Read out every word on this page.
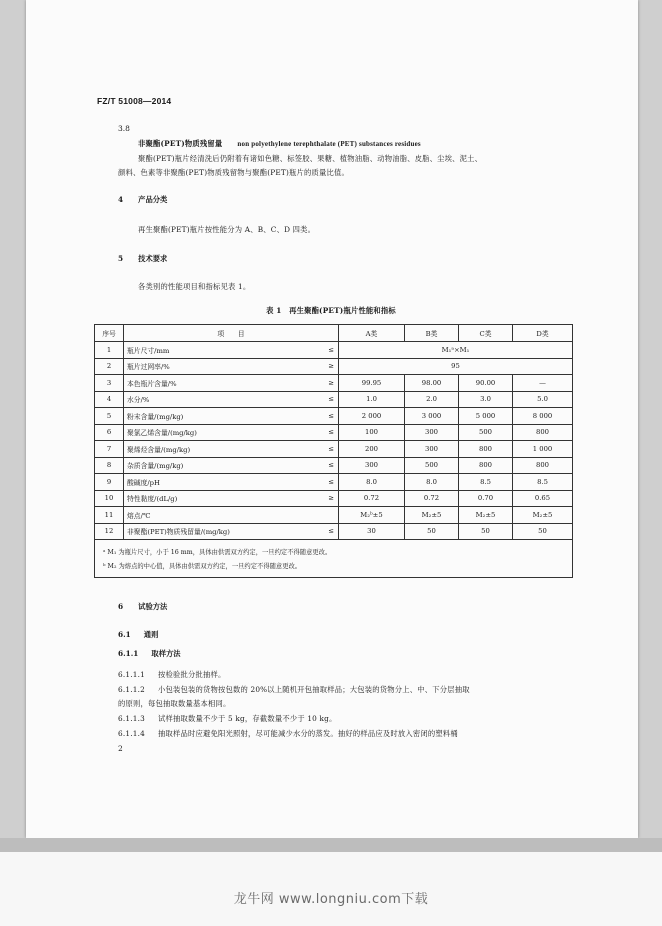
龙牛网 www.longniu.com下载
FZ/T 51008—2014
3.8
非聚酯(PET)物质残留量 non polyethylene terephthalate (PET) substances residues
聚酯(PET)瓶片经清洗后仍附着有诸如色糖、标签胶、果糖、植物油脂、动物油脂、皮脂、尘埃、泥土、
颜料、色素等非聚酯(PET)物质残留物与聚酯(PET)瓶片的质量比值。
4 产品分类
再生聚酯(PET)瓶片按性能分为 A、B、C、D 四类。
5 技术要求
各类别的性能项目和指标见表 1。
表 1　再生聚酯(PET)瓶片性能和指标
序号	项　　目		A类	B类	C类	D类
1	瓶片尺寸/mm	≤	M₁ᵃ×M₁			
2	瓶片过网率/%	≥	95			
3	本色瓶片含量/%	≥	99.95	98.00	90.00	—
4	水分/%	≤	1.0	2.0	3.0	5.0
5	粉末含量/(mg/kg)	≤	2 000	3 000	5 000	8 000
6	聚氯乙烯含量/(mg/kg)	≤	100	300	500	800
7	聚烯烃含量/(mg/kg)	≤	200	300	800	1 000
8	杂质含量/(mg/kg)	≤	300	500	800	800
9	酸碱度/pH	≤	8.0	8.0	8.5	8.5
10	特性黏度/(dL/g)	≥	0.72	0.72	0.70	0.65
11	熔点/℃		M₂ᵇ±5	M₂±5	M₂±5	M₂±5
12	非聚酯(PET)物质残留量/(mg/kg)	≤	30	50	50	50

ᵃ M₁ 为瓶片尺寸，小于 16 mm，具体由供需双方约定，一旦约定不得随意更改。
ᵇ M₂ 为熔点的中心值，具体由供需双方约定，一旦约定不得随意更改。						
6 试验方法
6.1 通则
6.1.1 取样方法
6.1.1.1 按检验批分批抽样。
6.1.1.2 小包装包装的货物按包数的 20%以上随机开包抽取样品；大包装的货物分上、中、下分层抽取
的原则，每包抽取数量基本相同。
6.1.1.3 试样抽取数量不少于 5 kg，存截数量不少于 10 kg。
6.1.1.4 抽取样品时应避免阳光照射，尽可能减少水分的蒸发。抽好的样品应及时放入密闭的塑料桶
2
